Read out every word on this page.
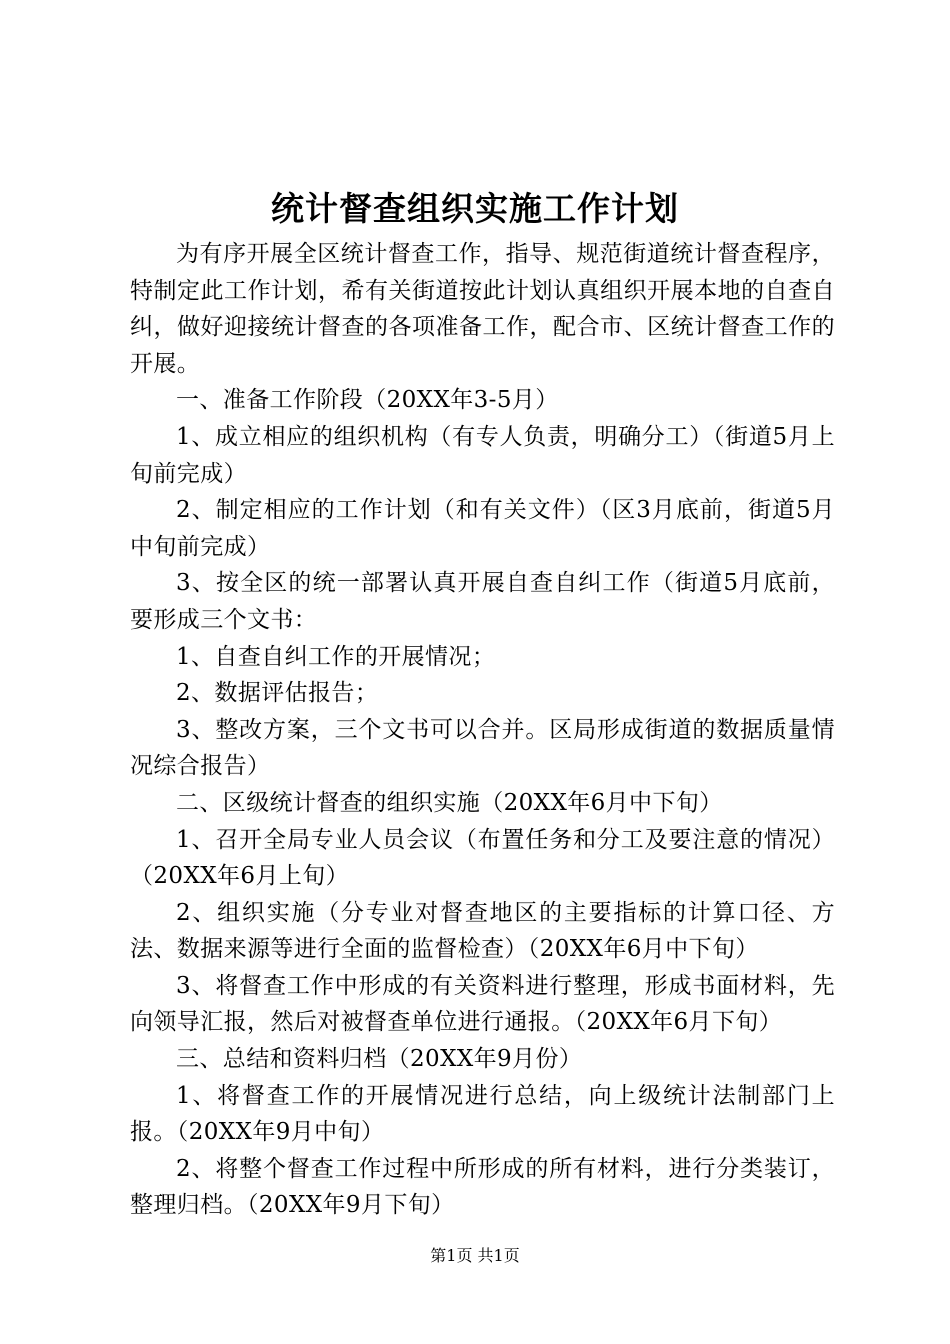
统计督查组织实施工作计划

为有序开展全区统计督查工作，指导、规范街道统计督查程序，特制定此工作计划，希有关街道按此计划认真组织开展本地的自查自纠，做好迎接统计督查的各项准备工作，配合市、区统计督查工作的开展。

一、准备工作阶段（20XX年3-5月）

1、成立相应的组织机构（有专人负责，明确分工）（街道5月上旬前完成）

2、制定相应的工作计划（和有关文件）（区3月底前，街道5月中旬前完成）

3、按全区的统一部署认真开展自查自纠工作（街道5月底前，要形成三个文书：

1、自查自纠工作的开展情况；

2、数据评估报告；

3、整改方案，三个文书可以合并。区局形成街道的数据质量情况综合报告）

二、区级统计督查的组织实施（20XX年6月中下旬）

1、召开全局专业人员会议（布置任务和分工及要注意的情况）（20XX年6月上旬）

2、组织实施（分专业对督查地区的主要指标的计算口径、方法、数据来源等进行全面的监督检查）（20XX年6月中下旬）

3、将督查工作中形成的有关资料进行整理，形成书面材料，先向领导汇报，然后对被督查单位进行通报。（20XX年6月下旬）

三、总结和资料归档（20XX年9月份）

1、将督查工作的开展情况进行总结，向上级统计法制部门上报。（20XX年9月中旬）

2、将整个督查工作过程中所形成的所有材料，进行分类装订，整理归档。（20XX年9月下旬）

第1页 共1页
